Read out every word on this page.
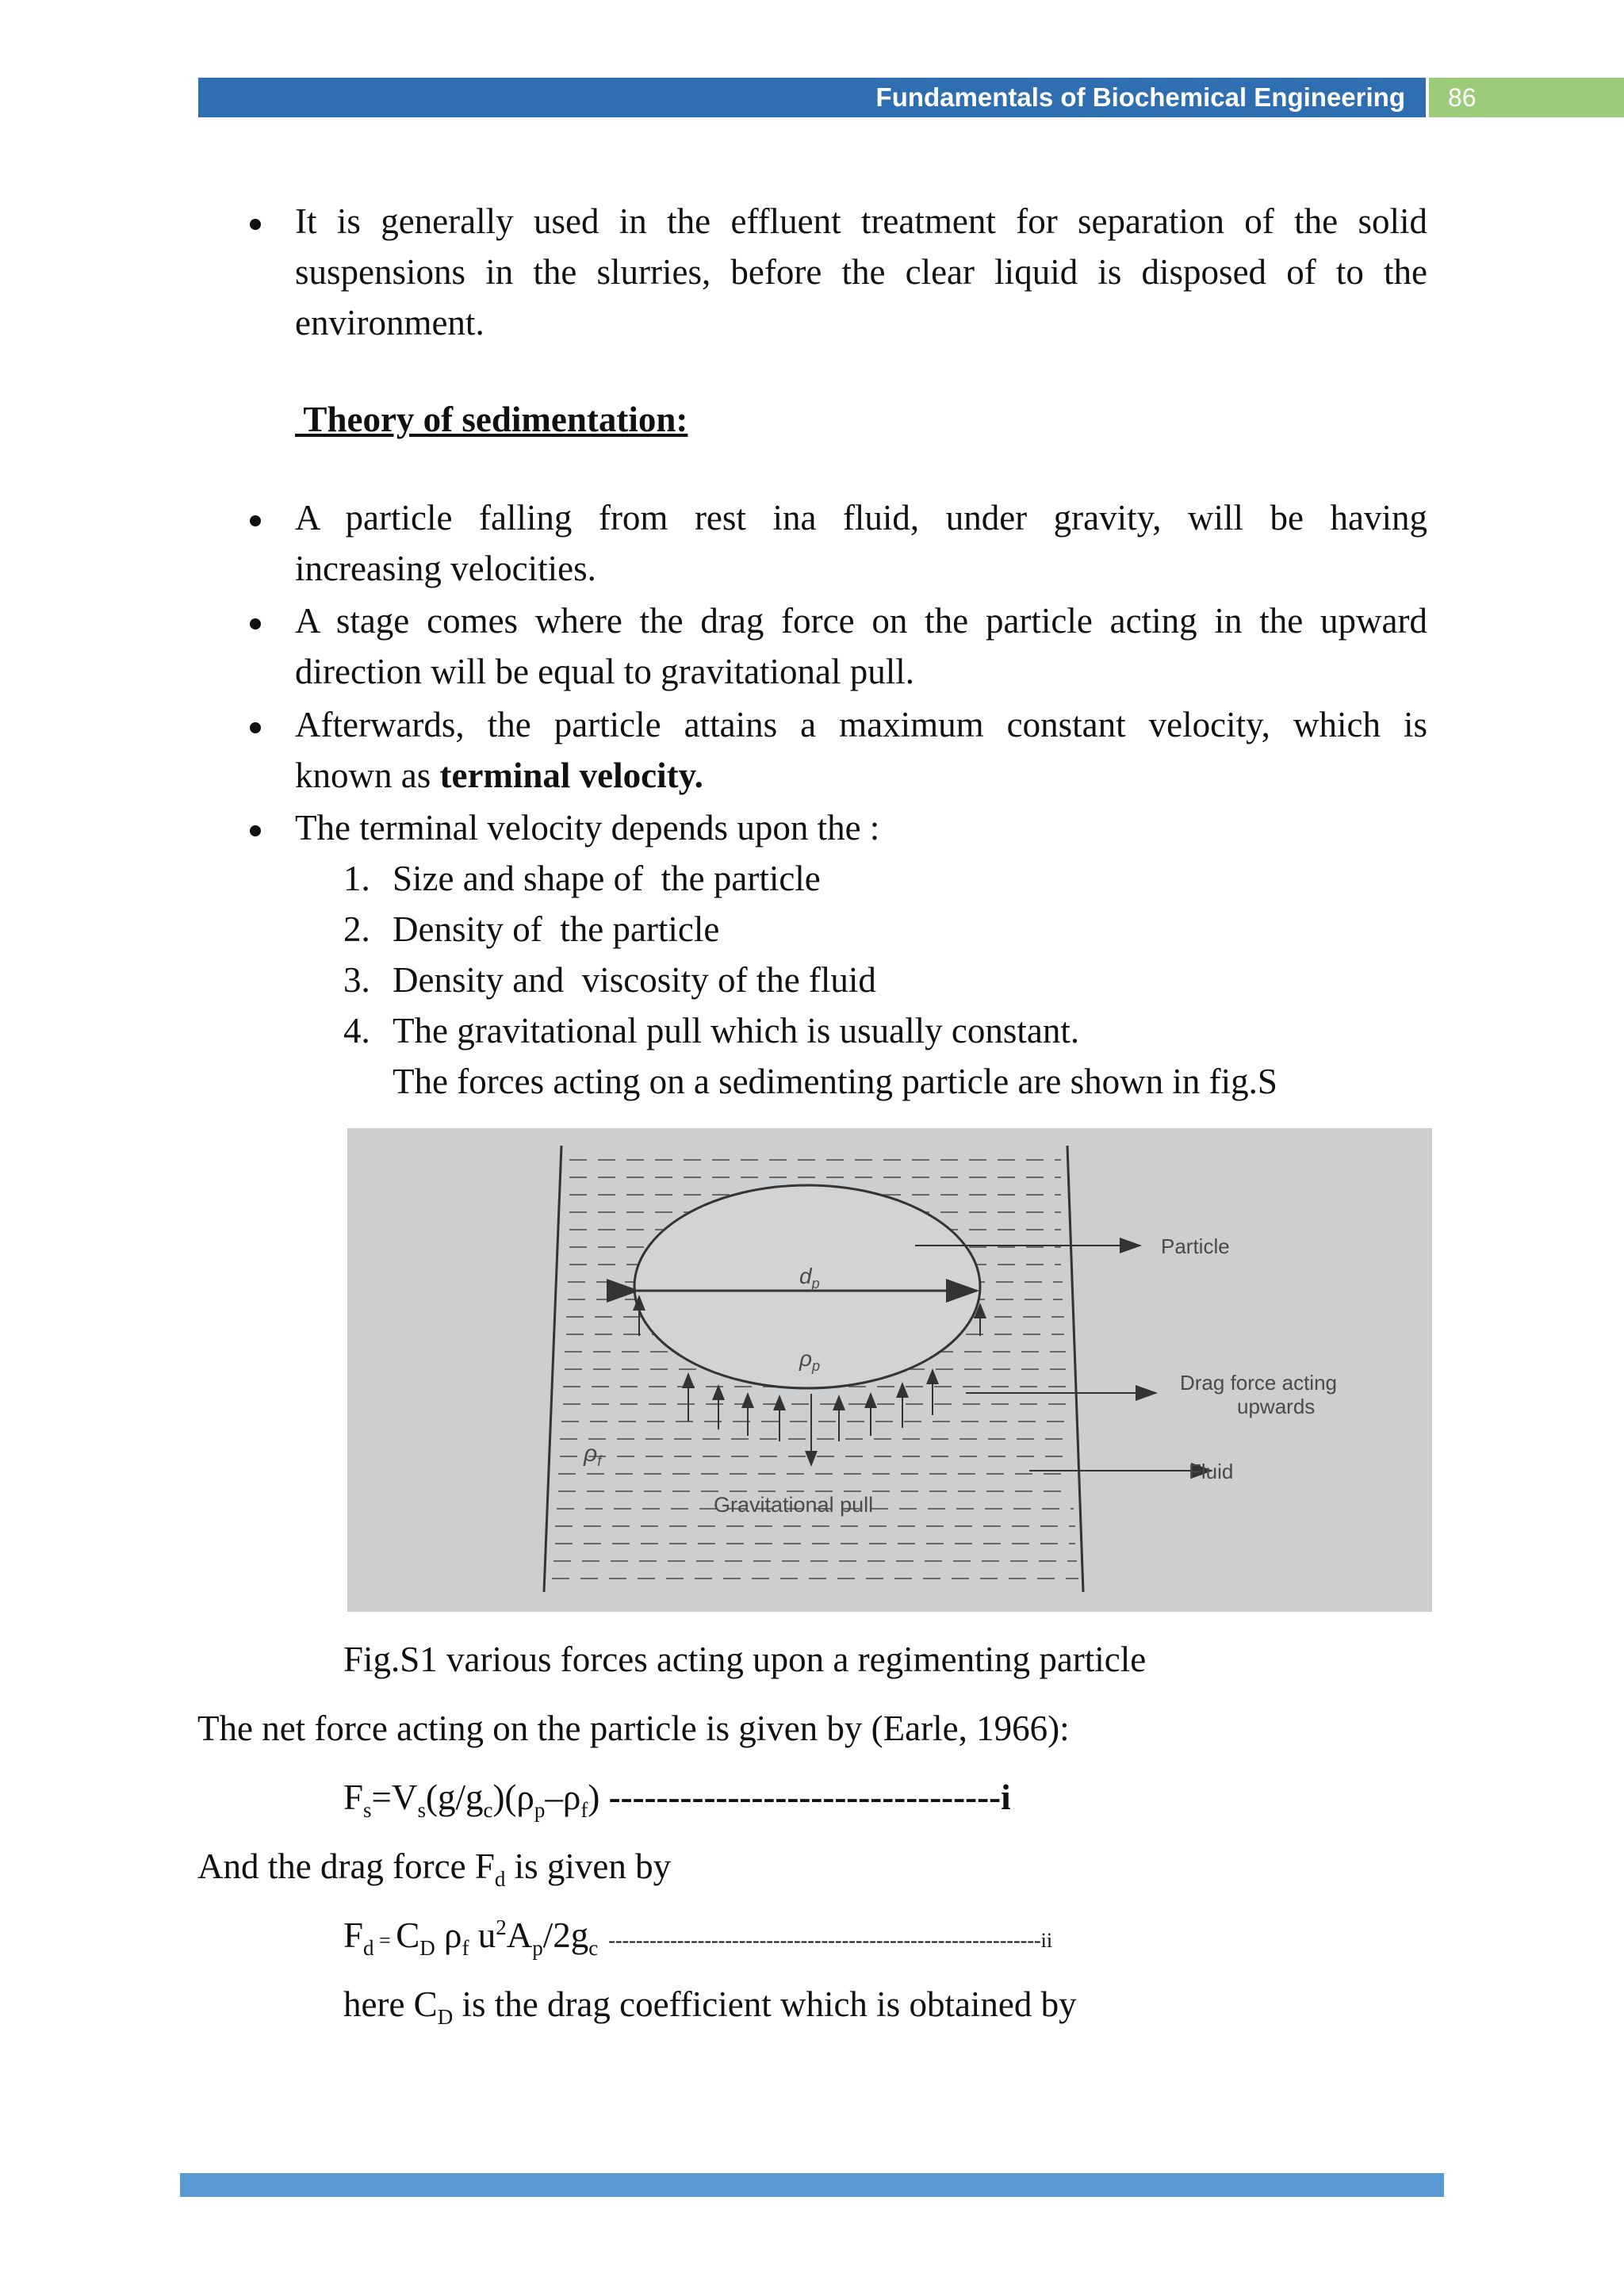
Fundamentals of Biochemical Engineering	86
It is generally used in the effluent treatment for separation of the solid
suspensions in the slurries, before the clear liquid is disposed of to the
environment.
Theory of sedimentation:
A particle falling from rest ina fluid, under gravity, will be having
increasing velocities.
A stage comes where the drag force on the particle acting in the upward
direction will be equal to gravitational pull.
Afterwards, the particle attains a maximum constant velocity, which is
known as terminal velocity.
The terminal velocity depends upon the :
1. Size and shape of  the particle
2. Density of  the particle
3. Density and  viscosity of the fluid
4. The gravitational pull which is usually constant.
The forces acting on a sedimenting particle are shown in fig.S
Particle
$d_p$
$\rho_p$
$\rho_f$
Drag force acting
upwards
Fluid
Gravitational pull
Fig.S1 various forces acting upon a regimenting particle
The net force acting on the particle is given by (Earle, 1966):
$F_s=V_s(g/g_c)(\rho_p-\rho_f)$ ---------------------------------i
And the drag force $F_d$ is given by
$F_d = C_D$ $\rho_f$ $u^2A_p/2g_c$  ---------------------------------------------------------------ii
here $C_D$ is the drag coefficient which is obtained by
